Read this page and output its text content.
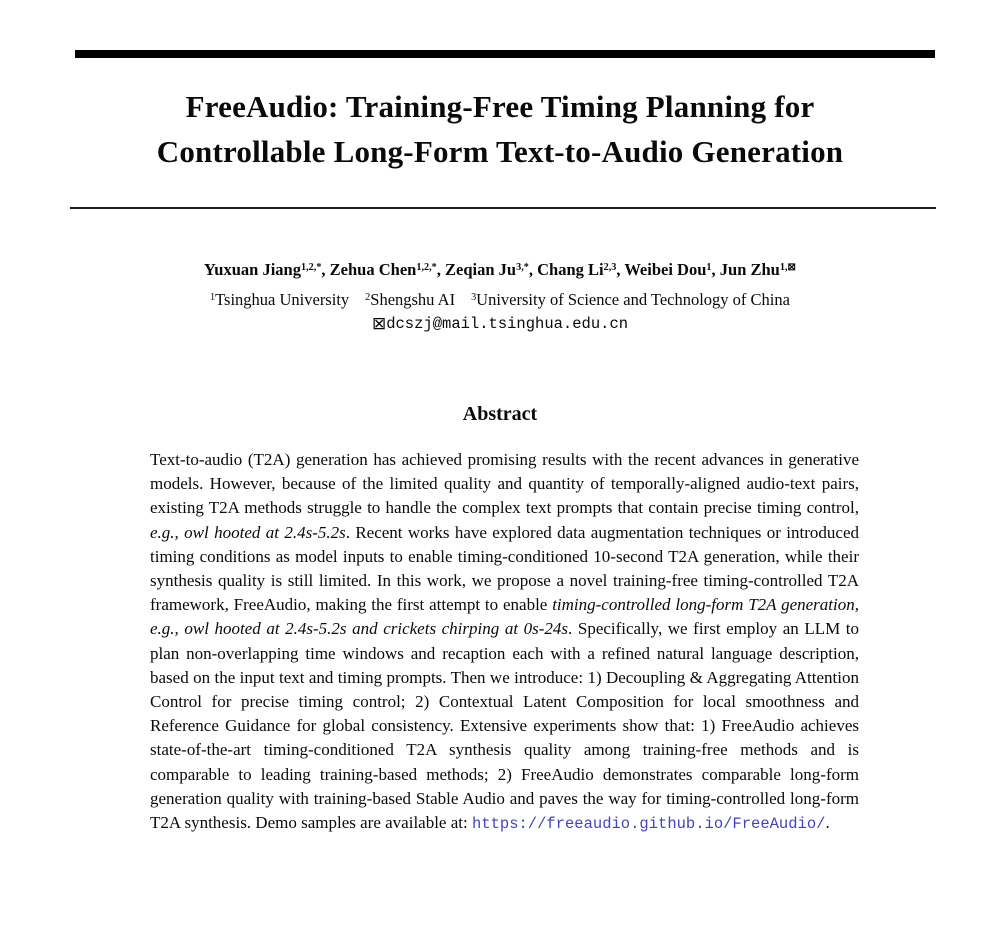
FreeAudio: Training-Free Timing Planning for
Controllable Long-Form Text-to-Audio Generation
Yuxuan Jiang$^{1,2,*}$, Zehua Chen$^{1,2,*}$, Zeqian $Ju^{3,*}$, Chang Li$^{2,3}$, Weibei Dou$^1$, Jun Zhu$^{1,⊠}$
$^1$Tsinghua University $^2$Shengshu AI $^3$University of Science and Technology of China
⊠dcszj@mail.tsinghua.edu.cn
Abstract
Text-to-audio (T2A) generation has achieved promising results with the recent advances in generative models. However, because of the limited quality and quantity of temporally-aligned audio-text pairs, existing T2A methods struggle to handle the complex text prompts that contain precise timing control, e.g., owl hooted at 2.4s-5.2s. Recent works have explored data augmentation techniques or introduced timing conditions as model inputs to enable timing-conditioned 10-second T2A generation, while their synthesis quality is still limited. In this work, we propose a novel training-free timing-controlled T2A framework, FreeAudio, making the first attempt to enable timing-controlled long-form T2A generation, e.g., owl hooted at 2.4s-5.2s and crickets chirping at 0s-24s. Specifically, we first employ an LLM to plan non-overlapping time windows and recaption each with a refined natural language description, based on the input text and timing prompts. Then we introduce: 1) Decoupling & Aggregating Attention Control for precise timing control; 2) Contextual Latent Composition for local smoothness and Reference Guidance for global consistency. Extensive experiments show that: 1) FreeAudio achieves state-of-the-art timing-conditioned T2A synthesis quality among training-free methods and is comparable to leading training-based methods; 2) FreeAudio demonstrates comparable long-form generation quality with training-based Stable Audio and paves the way for timing-controlled long-form T2A synthesis. Demo samples are available at: https://freeaudio.github.io/FreeAudio/.
